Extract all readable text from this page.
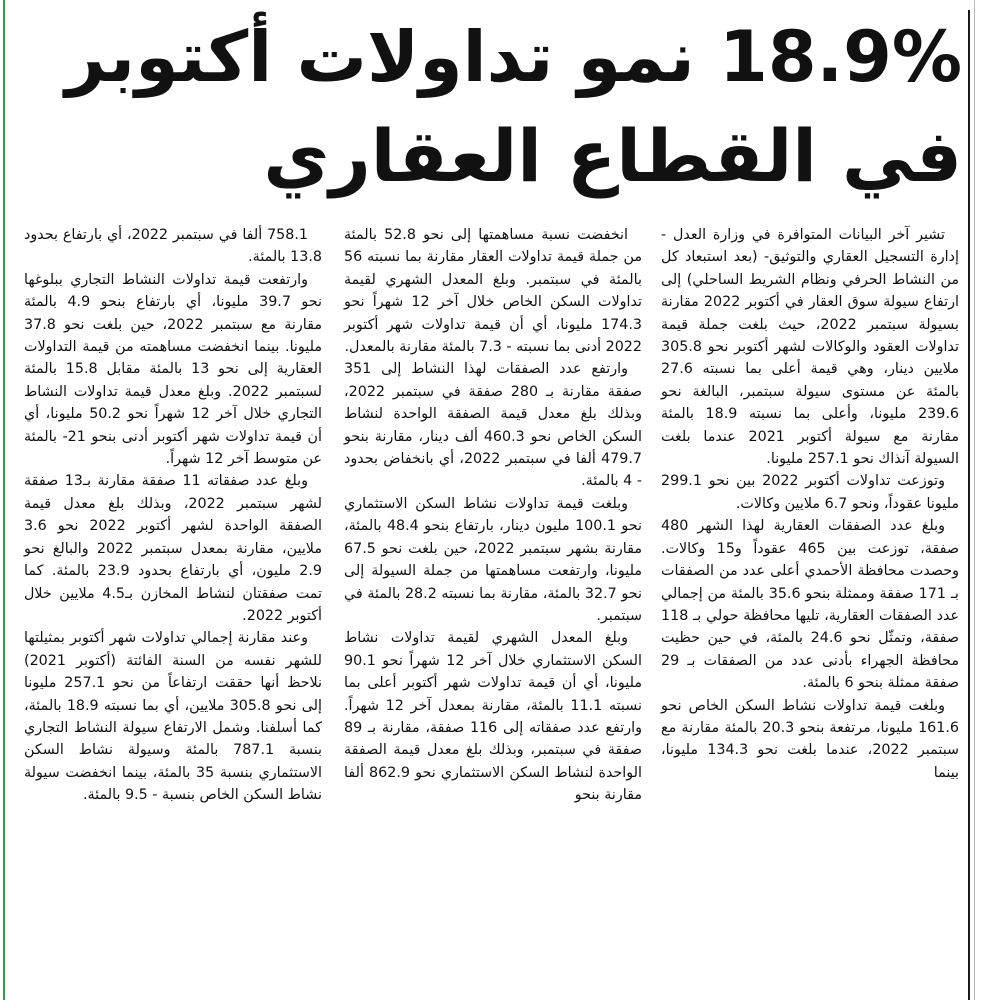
18.9% نمو تداولات أكتوبر
في القطاع العقاري

تشير آخر البيانات المتوافرة في وزارة العدل - إدارة التسجيل العقاري والتوثيق- (بعد استبعاد كل من النشاط الحرفي ونظام الشريط الساحلي) إلى ارتفاع سيولة سوق العقار في أكتوبر 2022 مقارنة بسيولة سبتمبر 2022، حيث بلغت جملة قيمة تداولات العقود والوكالات لشهر أكتوبر نحو 305.8 ملايين دينار، وهي قيمة أعلى بما نسبته 27.6 بالمئة عن مستوى سيولة سبتمبر، البالغة نحو 239.6 مليونا، وأعلى بما نسبته 18.9 بالمئة مقارنة مع سيولة أكتوبر 2021 عندما بلغت السيولة آنذاك نحو 257.1 مليونا.

وتوزعت تداولات أكتوبر 2022 بين نحو 299.1 مليونا عقوداً، ونحو 6.7 ملايين وكالات.

وبلغ عدد الصفقات العقارية لهذا الشهر 480 صفقة، توزعت بين 465 عقوداً و15 وكالات. وحصدت محافظة الأحمدي أعلى عدد من الصفقات بـ 171 صفقة وممثلة بنحو 35.6 بالمئة من إجمالي عدد الصفقات العقارية، تليها محافظة حولي بـ 118 صفقة، وتمثّل نحو 24.6 بالمئة، في حين حظيت محافظة الجهراء بأدنى عدد من الصفقات بـ 29 صفقة ممثلة بنحو 6 بالمئة.

وبلغت قيمة تداولات نشاط السكن الخاص نحو 161.6 مليونا، مرتفعة بنحو 20.3 بالمئة مقارنة مع سبتمبر 2022، عندما بلغت نحو 134.3 مليونا، بينما

انخفضت نسبة مساهمتها إلى نحو 52.8 بالمئة من جملة قيمة تداولات العقار مقارنة بما نسبته 56 بالمئة في سبتمبر. وبلغ المعدل الشهري لقيمة تداولات السكن الخاص خلال آخر 12 شهراً نحو 174.3 مليونا، أي أن قيمة تداولات شهر أكتوبر 2022 أدنى بما نسبته - 7.3 بالمئة مقارنة بالمعدل.

وارتفع عدد الصفقات لهذا النشاط إلى 351 صفقة مقارنة بـ 280 صفقة في سبتمبر 2022، وبذلك بلغ معدل قيمة الصفقة الواحدة لنشاط السكن الخاص نحو 460.3 ألف دينار، مقارنة بنحو 479.7 ألفا في سبتمبر 2022، أي بانخفاض بحدود - 4 بالمئة.

وبلغت قيمة تداولات نشاط السكن الاستثماري نحو 100.1 مليون دينار، بارتفاع بنحو 48.4 بالمئة، مقارنة بشهر سبتمبر 2022، حين بلغت نحو 67.5 مليونا، وارتفعت مساهمتها من جملة السيولة إلى نحو 32.7 بالمئة، مقارنة بما نسبته 28.2 بالمئة في سبتمبر.

وبلغ المعدل الشهري لقيمة تداولات نشاط السكن الاستثماري خلال آخر 12 شهراً نحو 90.1 مليونا، أي أن قيمة تداولات شهر أكتوبر أعلى بما نسبته 11.1 بالمئة، مقارنة بمعدل آخر 12 شهراً. وارتفع عدد صفقاته إلى 116 صفقة، مقارنة بـ 89 صفقة في سبتمبر، وبذلك بلغ معدل قيمة الصفقة الواحدة لنشاط السكن الاستثماري نحو 862.9 ألفا مقارنة بنحو

758.1 ألفا في سبتمبر 2022، أي بارتفاع بحدود 13.8 بالمئة.

وارتفعت قيمة تداولات النشاط التجاري ببلوغها نحو 39.7 مليونا، أي بارتفاع بنحو 4.9 بالمئة مقارنة مع سبتمبر 2022، حين بلغت نحو 37.8 مليونا. بينما انخفضت مساهمته من قيمة التداولات العقارية إلى نحو 13 بالمئة مقابل 15.8 بالمئة لسبتمبر 2022. وبلغ معدل قيمة تداولات النشاط التجاري خلال آخر 12 شهراً نحو 50.2 مليونا، أي أن قيمة تداولات شهر أكتوبر أدنى بنحو 21- بالمئة عن متوسط آخر 12 شهراً.

وبلغ عدد صفقاته 11 صفقة مقارنة بـ13 صفقة لشهر سبتمبر 2022، وبذلك بلغ معدل قيمة الصفقة الواحدة لشهر أكتوبر 2022 نحو 3.6 ملايين، مقارنة بمعدل سبتمبر 2022 والبالغ نحو 2.9 مليون، أي بارتفاع بحدود 23.9 بالمئة. كما تمت صفقتان لنشاط المخازن بـ4.5 ملايين خلال أكتوبر 2022.

وعند مقارنة إجمالي تداولات شهر أكتوبر بمثيلتها للشهر نفسه من السنة الفائتة (أكتوبر 2021) نلاحظ أنها حققت ارتفاعاً من نحو 257.1 مليونا إلى نحو 305.8 ملايين، أي بما نسبته 18.9 بالمئة، كما أسلفنا. وشمل الارتفاع سيولة النشاط التجاري بنسبة 787.1 بالمئة وسيولة نشاط السكن الاستثماري بنسبة 35 بالمئة، بينما انخفضت سيولة نشاط السكن الخاص بنسبة - 9.5 بالمئة.
